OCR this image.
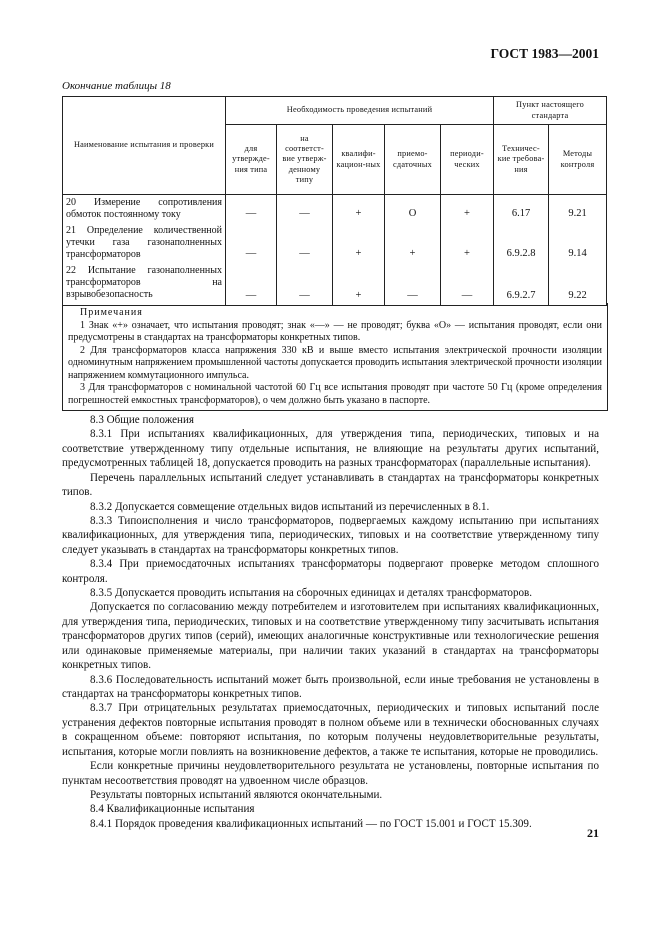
ГОСТ 1983—2001
Окончание таблицы 18
Наименование испытания и проверки	Необходимость проведения испытаний					Пункт настоящего стандарта	
	для утвержде-ния типа	на соответст-вие утверж-денному типу	квалифи-кацион-ных	приемо-сдаточных	периоди-ческих	Техничес-кие требова-ния	Методы контроля
20 Измерение сопротивления обмоток постоянному току	—	—	+	O	+	6.17	9.21
21 Определение количественной утечки газа газонаполненных трансформаторов	—	—	+	+	+	6.9.2.8	9.14
22 Испытание газонаполненных трансформаторов на взрывобезопасность	—	—	+	—	—	6.9.2.7	9.22
Примечания

1 Знак «+» означает, что испытания проводят; знак «—» — не проводят; буква «О» — испытания проводят, если они предусмотрены в стандартах на трансформаторы конкретных типов.

2 Для трансформаторов класса напряжения 330 кВ и выше вместо испытания электрической прочности изоляции одноминутным напряжением промышленной частоты допускается проводить испытания электрической прочности изоляции напряжением коммутационного импульса.

3 Для трансформаторов с номинальной частотой 60 Гц все испытания проводят при частоте 50 Гц (кроме определения погрешностей емкостных трансформаторов), о чем должно быть указано в паспорте.

8.3 Общие положения

8.3.1 При испытаниях квалификационных, для утверждения типа, периодических, типовых и на соответствие утвержденному типу отдельные испытания, не влияющие на результаты других испытаний, предусмотренных таблицей 18, допускается проводить на разных трансформаторах (параллельные испытания).

Перечень параллельных испытаний следует устанавливать в стандартах на трансформаторы конкретных типов.

8.3.2 Допускается совмещение отдельных видов испытаний из перечисленных в 8.1.

8.3.3 Типоисполнения и число трансформаторов, подвергаемых каждому испытанию при испытаниях квалификационных, для утверждения типа, периодических, типовых и на соответствие утвержденному типу следует указывать в стандартах на трансформаторы конкретных типов.

8.3.4 При приемосдаточных испытаниях трансформаторы подвергают проверке методом сплошного контроля.

8.3.5 Допускается проводить испытания на сборочных единицах и деталях трансформаторов.

Допускается по согласованию между потребителем и изготовителем при испытаниях квалификационных, для утверждения типа, периодических, типовых и на соответствие утвержденному типу засчитывать испытания трансформаторов других типов (серий), имеющих аналогичные конструктивные или технологические решения или одинаковые применяемые материалы, при наличии таких указаний в стандартах на трансформаторы конкретных типов.

8.3.6 Последовательность испытаний может быть произвольной, если иные требования не установлены в стандартах на трансформаторы конкретных типов.

8.3.7 При отрицательных результатах приемосдаточных, периодических и типовых испытаний после устранения дефектов повторные испытания проводят в полном объеме или в технически обоснованных случаях в сокращенном объеме: повторяют испытания, по которым получены неудовлетворительные результаты, испытания, которые могли повлиять на возникновение дефектов, а также те испытания, которые не проводились.

Если конкретные причины неудовлетворительного результата не установлены, повторные испытания по пунктам несоответствия проводят на удвоенном числе образцов.

Результаты повторных испытаний являются окончательными.

8.4 Квалификационные испытания

8.4.1 Порядок проведения квалификационных испытаний — по ГОСТ 15.001 и ГОСТ 15.309.

21
